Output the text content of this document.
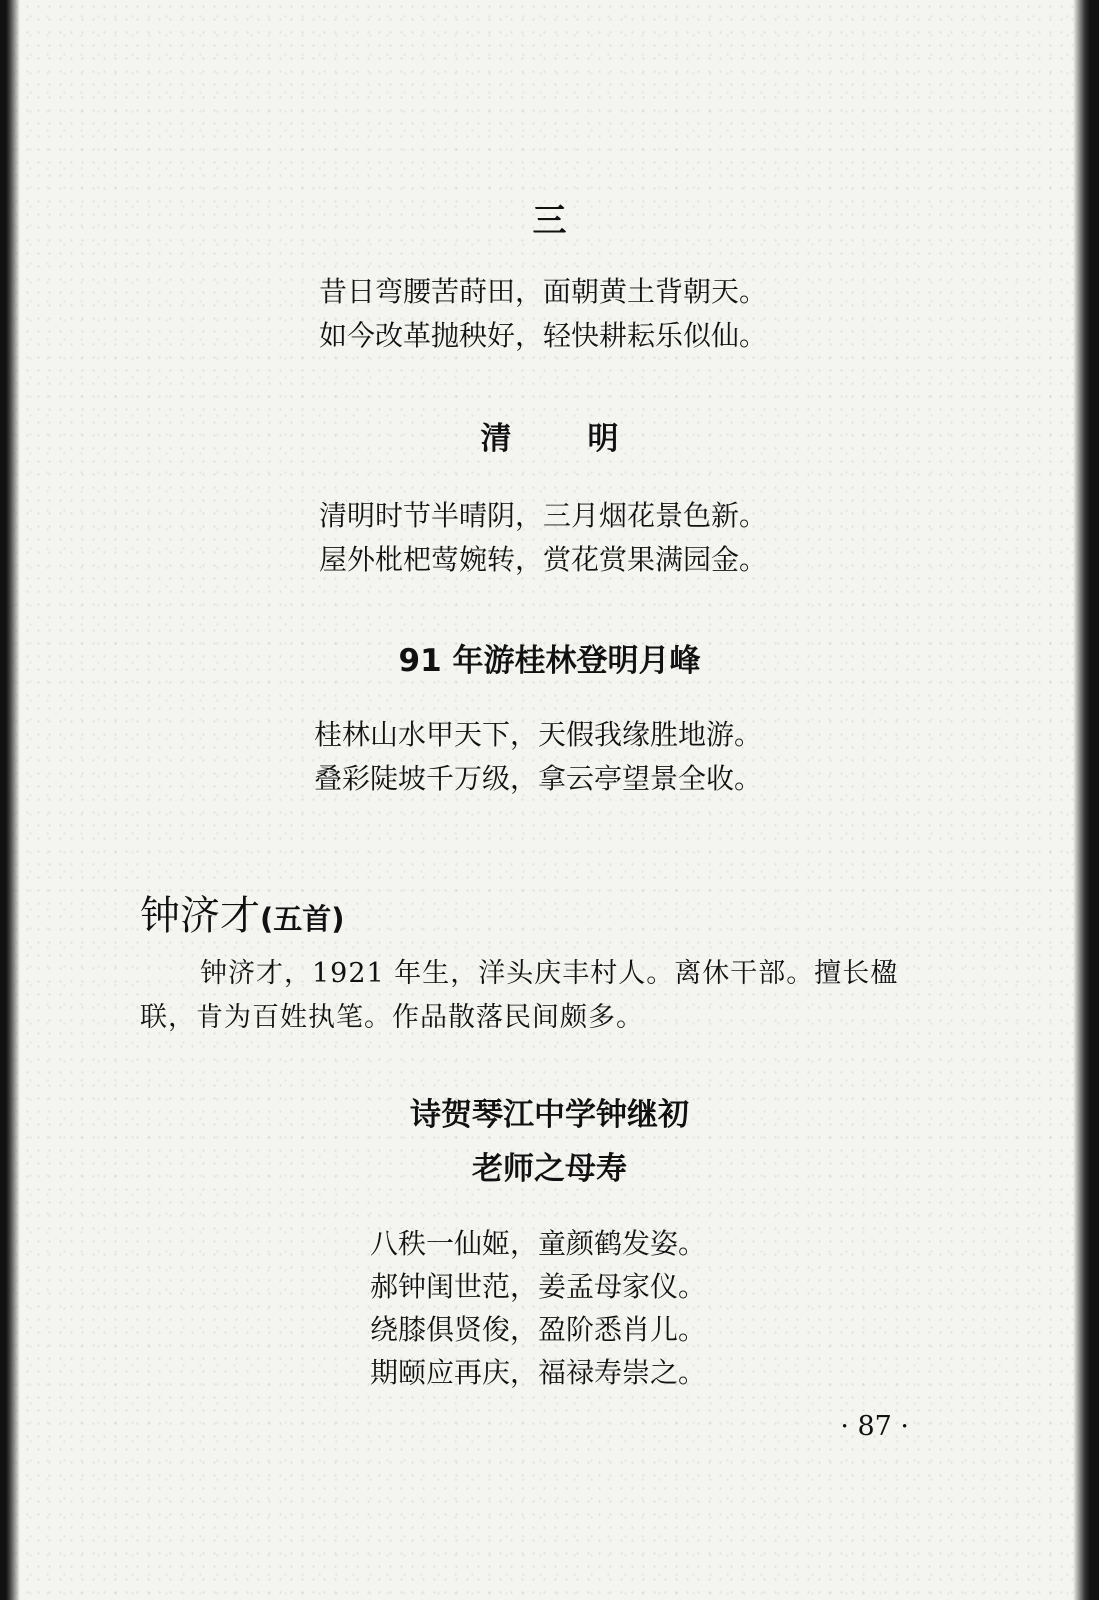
三
昔日弯腰苦莳田，面朝黄土背朝天。
如今改革抛秧好，轻快耕耘乐似仙。
清明
清明时节半晴阴，三月烟花景色新。
屋外枇杷莺婉转，赏花赏果满园金。
91 年游桂林登明月峰
桂林山水甲天下，天假我缘胜地游。
叠彩陡坡千万级，拿云亭望景全收。
钟济才(五首)
钟济才，1921 年生，洋头庆丰村人。离休干部。擅长楹
联，肯为百姓执笔。作品散落民间颇多。
诗贺琴江中学钟继初
老师之母寿
八秩一仙姬，童颜鹤发姿。
郝钟闺世范，姜孟母家仪。
绕膝俱贤俊，盈阶悉肖儿。
期颐应再庆，福禄寿崇之。
· 87 ·
